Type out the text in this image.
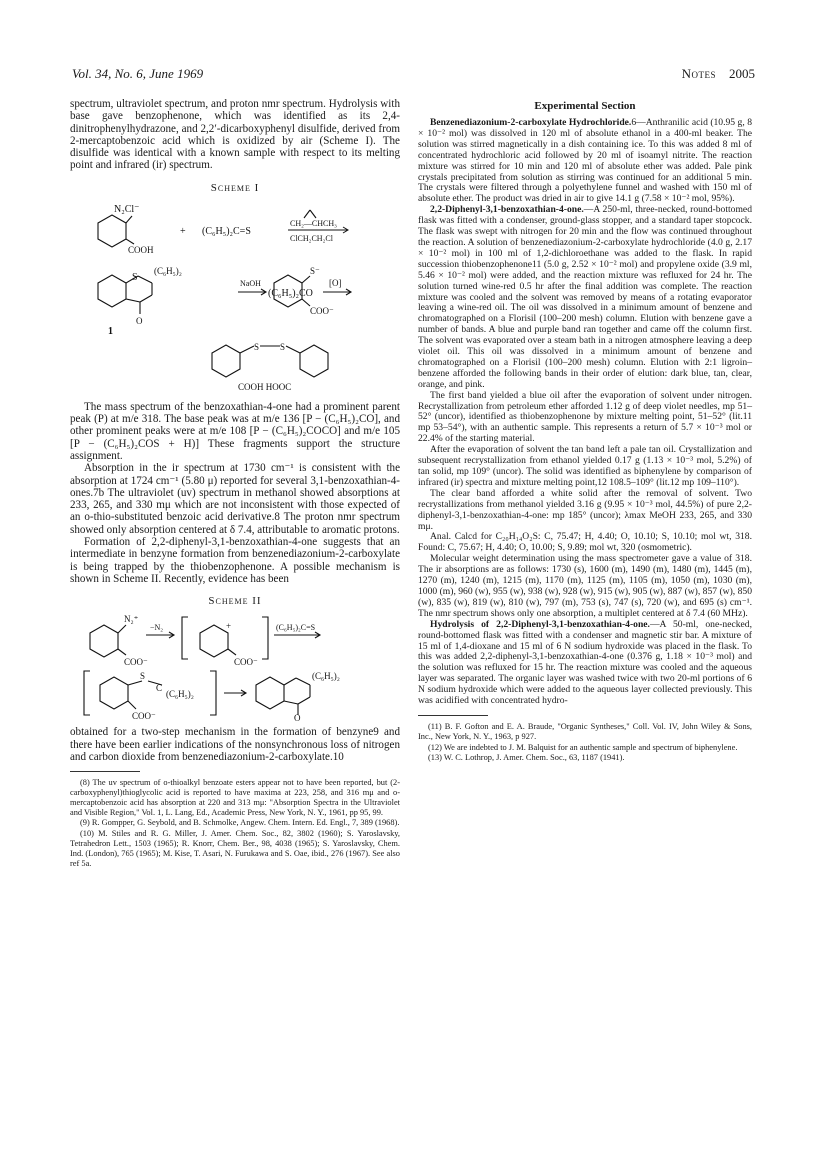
Vol. 34, No. 6, June 1969	Notes 2005

spectrum, ultraviolet spectrum, and proton nmr spectrum. Hydrolysis with base gave benzophenone, which was identified as its 2,4-dinitrophenylhydrazone, and 2,2′-dicarboxyphenyl disulfide, derived from 2-mercaptobenzoic acid which is oxidized by air (Scheme I). The disulfide was identical with a known sample with respect to its melting point and infrared (ir) spectrum.

Scheme I
N₂Cl⁻
COOH
+ (C₆H₅)₂C=S
CH₂—CHCH₃
ClCH₂CH₂Cl
S
(C₆H₅)₂
O
NaOH
(C₆H₅)₂CO
S⁻
COO⁻
[O]
1
S S
COOH HOOC

The mass spectrum of the benzoxathian-4-one had a prominent parent peak (P) at m/e 318. The base peak was at m/e 136 [P − (C₆H₅)₂CO], and other prominent peaks were at m/e 108 [P − (C₆H₅)₂COCO] and m/e 105 [P − (C₆H₅)₂COS + H)] These fragments support the structure assignment.

Absorption in the ir spectrum at 1730 cm⁻¹ is consistent with the absorption at 1724 cm⁻¹ (5.80 μ) reported for several 3,1-benzoxathian-4-ones.7b The ultraviolet (uv) spectrum in methanol showed absorptions at 233, 265, and 330 mμ which are not inconsistent with those expected of an o-thio-substituted benzoic acid derivative.8 The proton nmr spectrum showed only absorption centered at δ 7.4, attributable to aromatic protons.

Formation of 2,2-diphenyl-3,1-benzoxathian-4-one suggests that an intermediate in benzyne formation from benzenediazonium-2-carboxylate is being trapped by the thiobenzophenone. A possible mechanism is shown in Scheme II. Recently, evidence has been

Scheme II
N₂⁺
COO⁻
−N₂	+
COO⁻
(C₆H₅)₂C=S
S
C
(C₆H₅)₂
COO⁻
(C₆H₅)₂
O

obtained for a two-step mechanism in the formation of benzyne9 and there have been earlier indications of the nonsynchronous loss of nitrogen and carbon dioxide from benzenediazonium-2-carboxylate.10

(8) The uv spectrum of o-thioalkyl benzoate esters appear not to have been reported, but (2-carboxyphenyl)thioglycolic acid is reported to have maxima at 223, 258, and 316 mμ and o-mercaptobenzoic acid has absorption at 220 and 313 mμ: "Absorption Spectra in the Ultraviolet and Visible Region," Vol. 1, L. Lang, Ed., Academic Press, New York, N. Y., 1961, pp 95, 99.

(9) R. Gompper, G. Seybold, and B. Schmolke, Angew. Chem. Intern. Ed. Engl., 7, 389 (1968).

(10) M. Stiles and R. G. Miller, J. Amer. Chem. Soc., 82, 3802 (1960); S. Yaroslavsky, Tetrahedron Lett., 1503 (1965); R. Knorr, Chem. Ber., 98, 4038 (1965); S. Yaroslavsky, Chem. Ind. (London), 765 (1965); M. Kise, T. Asari, N. Furukawa and S. Oae, ibid., 276 (1967). See also ref 5a.

Experimental Section

Benzenediazonium-2-carboxylate Hydrochloride.6—Anthranilic acid (10.95 g, 8 × 10⁻² mol) was dissolved in 120 ml of absolute ethanol in a 400-ml beaker. The solution was stirred magnetically in a dish containing ice. To this was added 8 ml of concentrated hydrochloric acid followed by 20 ml of isoamyl nitrite. The reaction mixture was stirred for 10 min and 120 ml of absolute ether was added. Pale pink crystals precipitated from solution as stirring was continued for an additional 5 min. The crystals were filtered through a polyethylene funnel and washed with 150 ml of absolute ether. The product was dried in air to give 14.1 g (7.58 × 10⁻² mol, 95%).

2,2-Diphenyl-3,1-benzoxathian-4-one.—A 250-ml, three-necked, round-bottomed flask was fitted with a condenser, ground-glass stopper, and a standard taper stopcock. The flask was swept with nitrogen for 20 min and the flow was continued throughout the reaction. A solution of benzenediazonium-2-carboxylate hydrochloride (4.0 g, 2.17 × 10⁻² mol) in 100 ml of 1,2-dichloroethane was added to the flask. In rapid succession thiobenzophenone11 (5.0 g, 2.52 × 10⁻² mol) and propylene oxide (3.9 ml, 5.46 × 10⁻² mol) were added, and the reaction mixture was refluxed for 24 hr. The solution turned wine-red 0.5 hr after the final addition was complete. The reaction mixture was cooled and the solvent was removed by means of a rotating evaporator leaving a wine-red oil. The oil was dissolved in a minimum amount of benzene and chromatographed on a Florisil (100–200 mesh) column. Elution with benzene gave a number of bands. A blue and purple band ran together and came off the column first. The solvent was evaporated over a steam bath in a nitrogen atmosphere leaving a deep violet oil. This oil was dissolved in a minimum amount of benzene and chromatographed on a Florisil (100–200 mesh) column. Elution with 2:1 ligroin–benzene afforded the following bands in their order of elution: dark blue, tan, clear, orange, and pink.

The first band yielded a blue oil after the evaporation of solvent under nitrogen. Recrystallization from petroleum ether afforded 1.12 g of deep violet needles, mp 51–52° (uncor), identified as thiobenzophenone by mixture melting point, 51–52° (lit.11 mp 53–54°), with an authentic sample. This represents a return of 5.7 × 10⁻³ mol or 22.4% of the starting material.

After the evaporation of solvent the tan band left a pale tan oil. Crystallization and subsequent recrystallization from ethanol yielded 0.17 g (1.13 × 10⁻³ mol, 5.2%) of tan solid, mp 109° (uncor). The solid was identified as biphenylene by comparison of infrared (ir) spectra and mixture melting point,12 108.5–109° (lit.12 mp 109–110°).

The clear band afforded a white solid after the removal of solvent. Two recrystallizations from methanol yielded 3.16 g (9.95 × 10⁻³ mol, 44.5%) of pure 2,2-diphenyl-3,1-benzoxathian-4-one: mp 185° (uncor); λmax MeOH 233, 265, and 330 mμ.

Anal. Calcd for C₂₀H₁₄O₂S: C, 75.47; H, 4.40; O, 10.10; S, 10.10; mol wt, 318. Found: C, 75.67; H, 4.40; O, 10.00; S, 9.89; mol wt, 320 (osmometric).

Molecular weight determination using the mass spectrometer gave a value of 318. The ir absorptions are as follows: 1730 (s), 1600 (m), 1490 (m), 1480 (m), 1445 (m), 1270 (m), 1240 (m), 1215 (m), 1170 (m), 1125 (m), 1105 (m), 1050 (m), 1030 (m), 1000 (m), 960 (w), 955 (w), 938 (w), 928 (w), 915 (w), 905 (w), 887 (w), 857 (w), 850 (w), 835 (w), 819 (w), 810 (w), 797 (m), 753 (s), 747 (s), 720 (w), and 695 (s) cm⁻¹. The nmr spectrum shows only one absorption, a multiplet centered at δ 7.4 (60 MHz).

Hydrolysis of 2,2-Diphenyl-3,1-benzoxathian-4-one.—A 50-ml, one-necked, round-bottomed flask was fitted with a condenser and magnetic stir bar. A mixture of 15 ml of 1,4-dioxane and 15 ml of 6 N sodium hydroxide was placed in the flask. To this was added 2,2-diphenyl-3,1-benzoxathian-4-one (0.376 g, 1.18 × 10⁻³ mol) and the solution was refluxed for 15 hr. The reaction mixture was cooled and the aqueous layer was separated. The organic layer was washed twice with two 20-ml portions of 6 N sodium hydroxide which were added to the aqueous layer collected previously. This was acidified with concentrated hydro-

(11) B. F. Gofton and E. A. Braude, "Organic Syntheses," Coll. Vol. IV, John Wiley & Sons, Inc., New York, N. Y., 1963, p 927.

(12) We are indebted to J. M. Balquist for an authentic sample and spectrum of biphenylene.

(13) W. C. Lothrop, J. Amer. Chem. Soc., 63, 1187 (1941).
